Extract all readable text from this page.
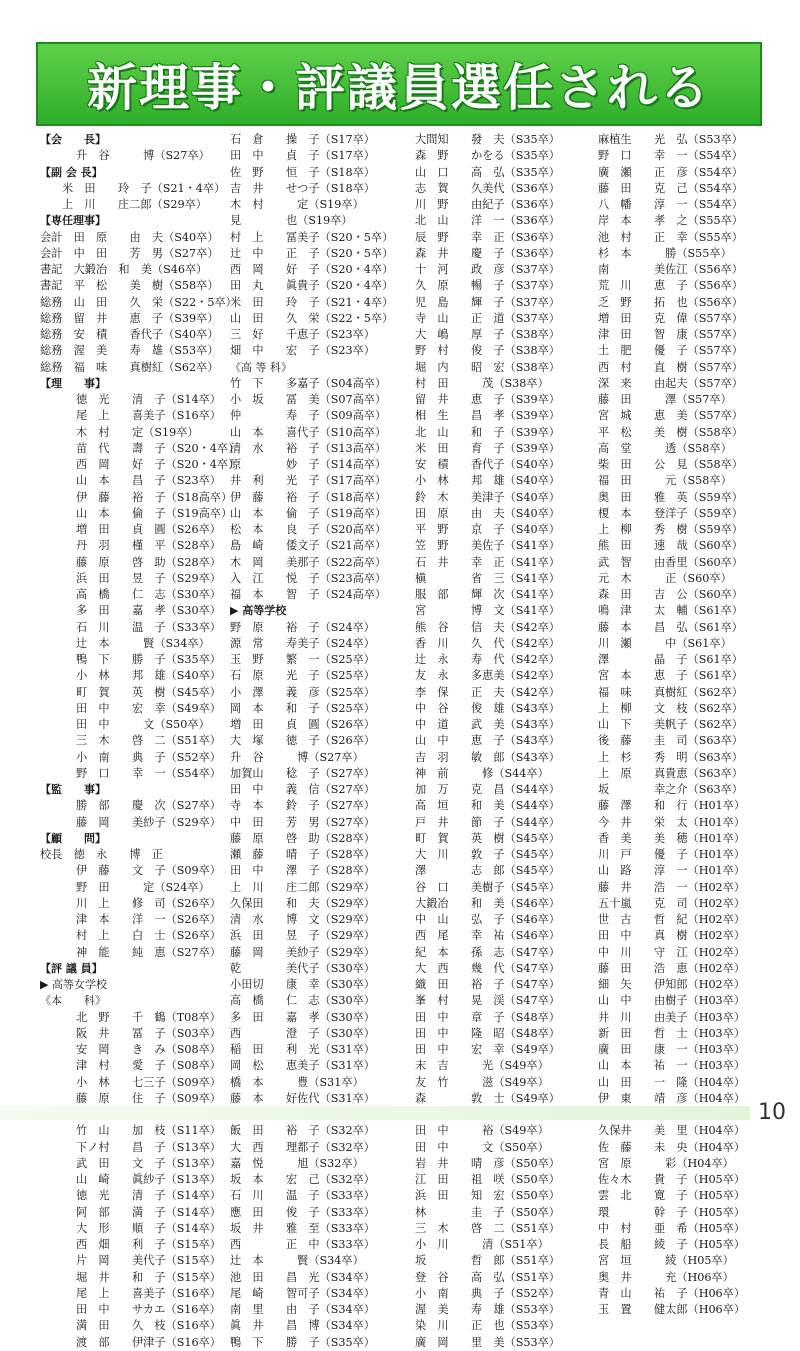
新理事・評議員選任される
【会　　長】
升　谷　　　博（S27卒）
【副 会 長】
米　田　　玲　子（S21・4卒）
上　川　　庄二郎（S29卒）
【専任理事】
会計　田　原　　由　夫（S40卒）
会計　中　田　　芳　男（S27卒）
書記　大鍛冶　和　美（S46卒）
書記　平　松　　美　樹（S58卒）
総務　山　田　　久　栄（S22・5卒）
総務　留　井　　恵　子（S39卒）
総務　安　積　　香代子（S40卒）
総務　渥　美　　寿　雄（S53卒）
総務　福　味　　真樹紅（S62卒）
【理　　事】
徳　光　　清　子（S14卒）
尾　上　　喜美子（S16卒）
木　村　　定（S19卒）
苗　代　　壽　子（S20・4卒）
西　岡　　好　子（S20・4卒）
山　本　　昌　子（S23卒）
伊　藤　　裕　子（S18高卒）
山　本　　倫　子（S19高卒）
増　田　　貞　圓（S26卒）
丹　羽　　槿　平（S28卒）
藤　原　　啓　助（S28卒）
浜　田　　昱　子（S29卒）
高　橋　　仁　志（S30卒）
多　田　　嘉　孝（S30卒）
石　川　　温　子（S33卒）
辻　本　　　賢（S34卒）
鴨　下　　勝　子（S35卒）
小　林　　邦　雄（S40卒）
町　賀　　英　樹（S45卒）
田　中　　宏　幸（S49卒）
田　中　　　文（S50卒）
三　木　　啓　二（S51卒）
小　南　　典　子（S52卒）
野　口　　幸　一（S54卒）
【監　　事】
勝　部　　慶　次（S27卒）
藤　岡　　美紗子（S29卒）
【顧　　問】
校長　徳　永　　博　正
伊　藤　　文　子（S09卒）
野　田　　　定（S24卒）
川　上　　修　司（S26卒）
津　本　　洋　一（S26卒）
村　上　　白　士（S26卒）
神　能　　純　恵（S27卒）
【評 議 員】
▶ 高等女学校
《本　　科》
北　野　　千　鶴（T08卒）
阪　井　　冨　子（S03卒）
安　岡　　き　み（S08卒）
津　村　　愛　子（S08卒）
小　林　　七三子（S09卒）
藤　原　　住　子（S09卒）
竹　山　　加　枝（S11卒）
下ノ村　　昌　子（S13卒）
武　田　　文　子（S13卒）
山　崎　　眞紗子（S13卒）
徳　光　　清　子（S14卒）
阿　部　　満　子（S14卒）
大　形　　順　子（S14卒）
西　畑　　利　子（S15卒）
片　岡　　美代子（S15卒）
堀　井　　和　子（S15卒）
尾　上　　喜美子（S16卒）
田　中　　サカエ（S16卒）
満　田　　久　枝（S16卒）
渡　部　　伊津子（S16卒）
石　倉　　操　子（S17卒）
田　中　　貞　子（S17卒）
佐　野　　恒　子（S18卒）
吉　井　　せつ子（S18卒）
木　村　　　定（S19卒）
見　　　　也（S19卒）
村　上　　冨美子（S20・5卒）
辻　中　　正　子（S20・5卒）
西　岡　　好　子（S20・4卒）
田　丸　　眞貴子（S20・4卒）
米　田　　玲　子（S21・4卒）
山　田　　久　栄（S22・5卒）
三　好　　千恵子（S23卒）
畑　中　　宏　子（S23卒）
《高 等 科》
竹　下　　多嘉子（S04高卒）
小　坂　　冨　美（S07高卒）
仲　　　　寿　子（S09高卒）
山　本　　喜代子（S10高卒）
清　水　　裕　子（S13高卒）
原　　　　妙　子（S14高卒）
井　利　　光　子（S17高卒）
伊　藤　　裕　子（S18高卒）
山　本　　倫　子（S19高卒）
松　本　　良　子（S20高卒）
島　崎　　倭文子（S21高卒）
木　岡　　美那子（S22高卒）
入　江　　悦　子（S23高卒）
福　本　　智　子（S24高卒）
▶ 高等学校
野　原　　裕　子（S24卒）
源　常　　寿美子（S24卒）
玉　野　　繁　一（S25卒）
石　原　　光　子（S25卒）
小　澤　　義　彦（S25卒）
岡　本　　和　子（S25卒）
増　田　　貞　圓（S26卒）
大　塚　　徳　子（S26卒）
升　谷　　　博（S27卒）
加賀山　　稔　子（S27卒）
田　中　　義　信（S27卒）
寺　本　　鈴　子（S27卒）
中　田　　芳　男（S27卒）
藤　原　　啓　助（S28卒）
瀬　藤　　晴　子（S28卒）
田　中　　澤　子（S28卒）
上　川　　庄二郎（S29卒）
久保田　　和　夫（S29卒）
清　水　　博　文（S29卒）
浜　田　　昱　子（S29卒）
藤　岡　　美紗子（S29卒）
乾　　　　美代子（S30卒）
小田切　　康　幸（S30卒）
高　橋　　仁　志（S30卒）
多　田　　嘉　孝（S30卒）
西　　　　澄　子（S30卒）
稲　田　　利　光（S31卒）
岡　松　　恵美子（S31卒）
橋　本　　　豊（S31卒）
藤　本　　好佐代（S31卒）
飯　田　　裕　子（S32卒）
大　西　　理都子（S32卒）
嘉　悦　　　旭（S32卒）
坂　本　　宏　己（S32卒）
石　川　　温　子（S33卒）
應　田　　俊　子（S33卒）
坂　井　　雅　至（S33卒）
西　　　　正　中（S33卒）
辻　本　　　賢（S34卒）
池　田　　昌　光（S34卒）
尾　崎　　智可子（S34卒）
南　里　　由　子（S34卒）
眞　井　　昌　博（S34卒）
鴨　下　　勝　子（S35卒）
大間知　　發　夫（S35卒）
森　野　　かをる（S35卒）
山　口　　高　弘（S35卒）
志　賀　　久美代（S36卒）
川　野　　由紀子（S36卒）
北　山　　洋　一（S36卒）
辰　野　　幸　正（S36卒）
森　井　　慶　子（S36卒）
十　河　　政　彦（S37卒）
久　原　　暢　子（S37卒）
児　島　　輝　子（S37卒）
寺　山　　正　道（S37卒）
大　嶋　　厚　子（S38卒）
野　村　　俊　子（S38卒）
堀　内　　昭　宏（S38卒）
村　田　　　茂（S38卒）
留　井　　恵　子（S39卒）
相　生　　昌　孝（S39卒）
北　山　　和　子（S39卒）
米　田　　育　子（S39卒）
安　積　　香代子（S40卒）
小　林　　邦　雄（S40卒）
鈴　木　　美津子（S40卒）
田　原　　由　夫（S40卒）
平　野　　京　子（S40卒）
笠　野　　美佐子（S41卒）
石　井　　幸　正（S41卒）
槇　　　　省　三（S41卒）
服　部　　輝　次（S41卒）
宮　　　　博　文（S41卒）
熊　谷　　信　夫（S42卒）
香　川　　久　代（S42卒）
辻　永　　寿　代（S42卒）
友　永　　多恵美（S42卒）
李　保　　正　夫（S42卒）
中　谷　　俊　雄（S43卒）
中　道　　武　美（S43卒）
山　中　　恵　子（S43卒）
吉　羽　　敏　郎（S43卒）
神　前　　　修（S44卒）
加　万　　克　昌（S44卒）
高　垣　　和　美（S44卒）
戸　井　　節　子（S44卒）
町　賀　　英　樹（S45卒）
大　川　　敦　子（S45卒）
澤　　　　志　郎（S45卒）
谷　口　　美樹子（S45卒）
大鍛冶　　和　美（S46卒）
中　山　　弘　子（S46卒）
西　尾　　幸　祐（S46卒）
紀　本　　孫　志（S47卒）
大　西　　幾　代（S47卒）
織　田　　裕　子（S47卒）
峯　村　　晃　渓（S47卒）
田　中　　章　子（S48卒）
田　中　　隆　昭（S48卒）
田　中　　宏　幸（S49卒）
末　吉　　　光（S49卒）
友　竹　　　滋（S49卒）
森　　　　敦　士（S49卒）
田　中　　　裕（S49卒）
田　中　　　文（S50卒）
岩　井　　晴　彦（S50卒）
江　田　　祖　咲（S50卒）
浜　田　　知　宏（S50卒）
林　　　　圭　子（S50卒）
三　木　　啓　二（S51卒）
小　川　　　清（S51卒）
坂　　　　哲　郎（S51卒）
登　谷　　高　弘（S51卒）
小　南　　典　子（S52卒）
渥　美　　寿　雄（S53卒）
染　川　　正　也（S53卒）
廣　岡　　里　美（S53卒）
麻植生　　光　弘（S53卒）
野　口　　幸　一（S54卒）
廣　瀬　　正　彦（S54卒）
藤　田　　克　己（S54卒）
八　幡　　淳　一（S54卒）
岸　本　　孝　之（S55卒）
池　村　　正　幸（S55卒）
杉　本　　　勝（S55卒）
南　　　　美佐江（S56卒）
荒　川　　恵　子（S56卒）
乏　野　　拓　也（S56卒）
増　田　　克　偉（S57卒）
津　田　　智　康（S57卒）
土　肥　　優　子（S57卒）
西　村　　直　樹（S57卒）
深　来　　由起夫（S57卒）
藤　田　　　澤（S57卒）
宮　城　　恵　美（S57卒）
平　松　　美　樹（S58卒）
高　堂　　　透（S58卒）
柴　田　　公　見（S58卒）
福　田　　　元（S58卒）
奥　田　　雅　英（S59卒）
榎　本　　登洋子（S59卒）
上　柳　　秀　樹（S59卒）
熊　田　　速　哉（S60卒）
武　智　　由香里（S60卒）
元　木　　　正（S60卒）
森　田　　吉　公（S60卒）
鳴　津　　太　輔（S61卒）
藤　本　　昌　弘（S61卒）
川　瀬　　　中（S61卒）
澤　　　　晶　子（S61卒）
宮　本　　恵　子（S61卒）
福　味　　真樹紅（S62卒）
上　柳　　文　枝（S62卒）
山　下　　美帆子（S62卒）
後　藤　　圭　司（S63卒）
上　杉　　秀　明（S63卒）
上　原　　真貴恵（S63卒）
坂　　　　幸之介（S63卒）
藤　澤　　和　行（H01卒）
今　井　　栄　太（H01卒）
香　美　　美　穂（H01卒）
川　戸　　優　子（H01卒）
山　路　　淳　一（H01卒）
藤　井　　浩　一（H02卒）
五十嵐　　克　司（H02卒）
世　古　　哲　紀（H02卒）
田　中　　真　樹（H02卒）
中　川　　守　江（H02卒）
藤　田　　浩　恵（H02卒）
細　矢　　伊知郎（H02卒）
山　中　　由樹子（H03卒）
井　川　　由美子（H03卒）
新　田　　哲　士（H03卒）
廣　田　　康　一（H03卒）
山　本　　祐　一（H03卒）
山　田　　一　隆（H04卒）
伊　東　　靖　彦（H04卒）
久保井　　美　里（H04卒）
佐　藤　　未　央（H04卒）
宮　原　　　彩（H04卒）
佐々木　　貴　子（H05卒）
雲　北　　寛　子（H05卒）
環　　　　幹　子（H05卒）
中　村　　亜　希（H05卒）
長　船　　綾　子（H05卒）
宮　垣　　　綾（H05卒）
奥　井　　　充（H06卒）
青　山　　祐　子（H06卒）
玉　置　　健太郎（H06卒）
10
